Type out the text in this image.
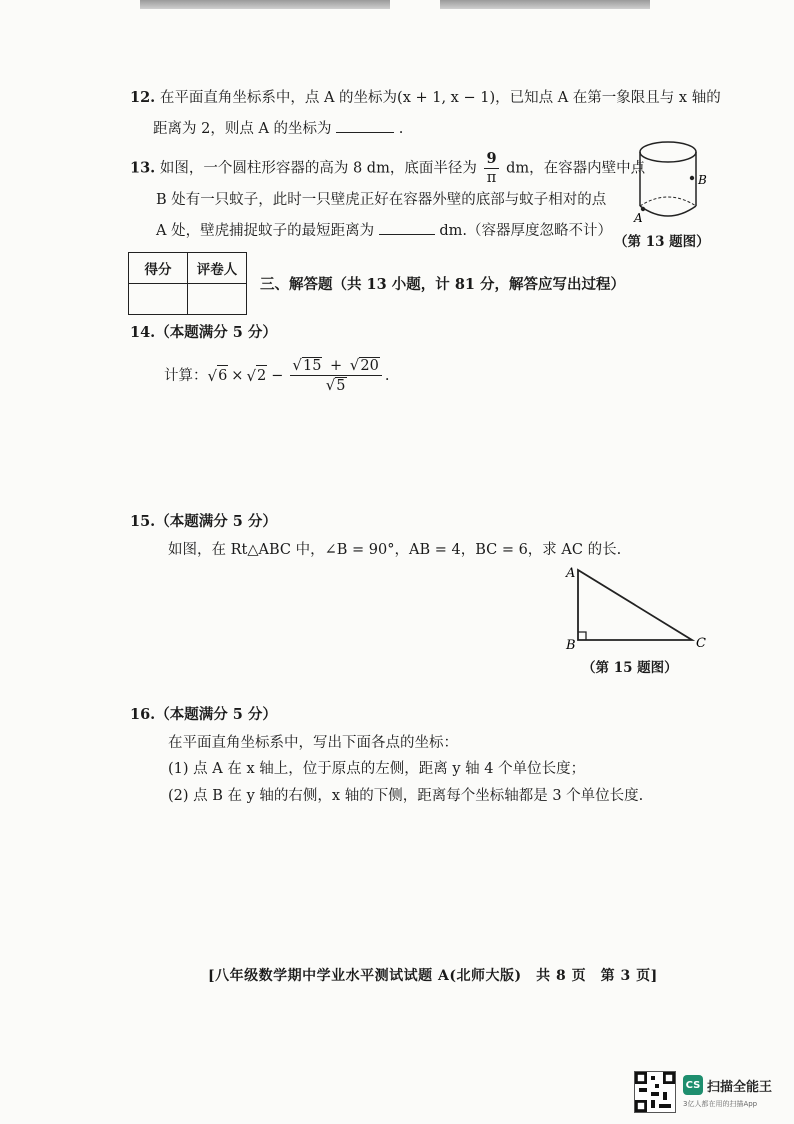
12. 在平面直角坐标系中，点 A 的坐标为(x + 1, x − 1)，已知点 A 在第一象限且与 x 轴的
距离为 2，则点 A 的坐标为	.
13. 如图，一个圆柱形容器的高为 8 dm，底面半径为 $\frac{9}{\pi}$ dm，在容器内壁中点
B 处有一只蚊子，此时一只壁虎正好在容器外壁的底部与蚊子相对的点
A 处，壁虎捕捉蚊子的最短距离为	dm.（容器厚度忽略不计）
B
A
（第 13 题图）
得分	评卷人

三、解答题（共 13 小题，计 81 分，解答应写出过程）
14.（本题满分 5 分）
计算： √ 6 × √ $2 - \frac{√15 + √20}{√5}$ .
15.（本题满分 5 分）
如图，在 Rt△ABC 中，∠B = 90°，AB = 4，BC = 6，求 AC 的长.
A
B	C
（第 15 题图）
16.（本题满分 5 分）
在平面直角坐标系中，写出下面各点的坐标：
(1) 点 A 在 x 轴上，位于原点的左侧，距离 y 轴 4 个单位长度；
(2) 点 B 在 y 轴的右侧，x 轴的下侧，距离每个坐标轴都是 3 个单位长度.
[八年级数学期中学业水平测试试题 A(北师大版)　共 8 页　第 3 页]
CS 扫描全能王
3亿人都在用的扫描App
